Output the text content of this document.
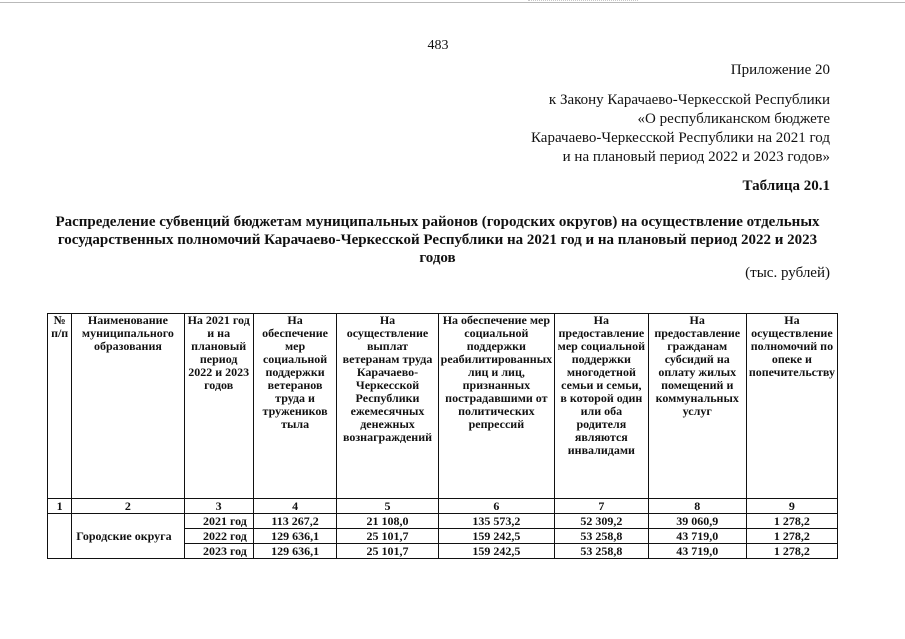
483
Приложение 20
к Закону Карачаево-Черкесской Республики
«О республиканском бюджете
Карачаево-Черкесской Республики на 2021 год
и на плановый период 2022 и 2023 годов»
Таблица 20.1
Распределение субвенций бюджетам муниципальных районов (городских округов) на осуществление отдельных государственных полномочий Карачаево-Черкесской Республики на 2021 год и на плановый период 2022 и 2023 годов
(тыс. рублей)
№ п/п	Наименование муниципального образования	На 2021 год и на плановый период 2022 и 2023 годов	На обеспечение мер социальной поддержки ветеранов труда и тружеников тыла	На осуществление выплат ветеранам труда Карачаево-Черкесской Республики ежемесячных денежных вознаграждений	На обеспечение мер социальной поддержки реабилитированных лиц и лиц, признанных пострадавшими от политических репрессий	На предоставление мер социальной поддержки многодетной семьи и семьи, в которой один или оба родителя являются инвалидами	На предоставление гражданам субсидий на оплату жилых помещений и коммунальных услуг	На осуществление полномочий по опеке и попечительству
1	2	3	4	5	6	7	8	9
	Городские округа	2021 год	113 267,2	21 108,0	135 573,2	52 309,2	39 060,9	1 278,2
		2022 год	129 636,1	25 101,7	159 242,5	53 258,8	43 719,0	1 278,2
		2023 год	129 636,1	25 101,7	159 242,5	53 258,8	43 719,0	1 278,2
